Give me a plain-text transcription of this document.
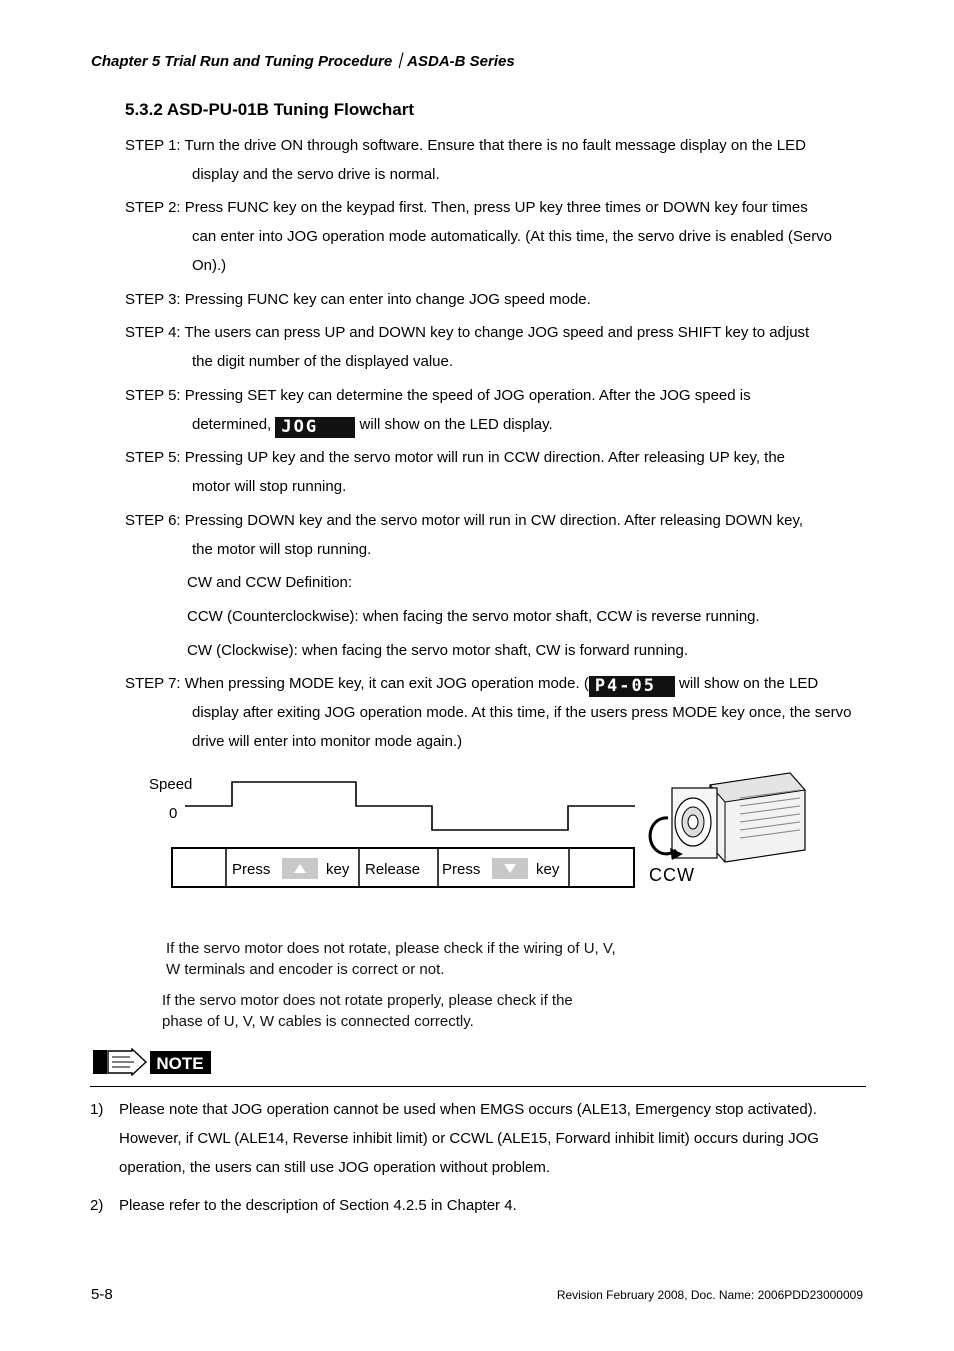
Chapter 5 Trial Run and Tuning Procedure｜ASDA-B Series
5.3.2 ASD-PU-01B Tuning Flowchart
STEP 1: Turn the drive ON through software. Ensure that there is no fault message display on the LED
display and the servo drive is normal.
STEP 2: Press FUNC key on the keypad first. Then, press UP key three times or DOWN key four times
can enter into JOG operation mode automatically. (At this time, the servo drive is enabled (Servo On).)
STEP 3: Pressing FUNC key can enter into change JOG speed mode.
STEP 4: The users can press UP and DOWN key to change JOG speed and press SHIFT key to adjust
the digit number of the displayed value.
STEP 5: Pressing SET key can determine the speed of JOG operation. After the JOG speed is
determined, JOG will show on the LED display.
STEP 5: Pressing UP key and the servo motor will run in CCW direction. After releasing UP key, the
motor will stop running.
STEP 6: Pressing DOWN key and the servo motor will run in CW direction. After releasing DOWN key,
the motor will stop running.
CW and CCW Definition:
CCW (Counterclockwise): when facing the servo motor shaft, CCW is reverse running.
CW (Clockwise): when facing the servo motor shaft, CW is forward running.
STEP 7: When pressing MODE key, it can exit JOG operation mode. ( P4-05 will show on the LED
display after exiting JOG operation mode. At this time, if the users press MODE key once, the servo drive will enter into monitor mode again.)
Speed
0
Press	key Release Press	key	CCW
If the servo motor does not rotate, please check if the wiring of U, V, W terminals and encoder is correct or not.
If the servo motor does not rotate properly, please check if the phase of U, V, W cables is connected correctly.
NOTE
1)	Please note that JOG operation cannot be used when EMGS occurs (ALE13, Emergency stop activated). However, if CWL (ALE14, Reverse inhibit limit) or CCWL (ALE15, Forward inhibit limit) occurs during JOG operation, the users can still use JOG operation without problem.
2)	Please refer to the description of Section 4.2.5 in Chapter 4.
5-8	Revision February 2008, Doc. Name: 2006PDD23000009
